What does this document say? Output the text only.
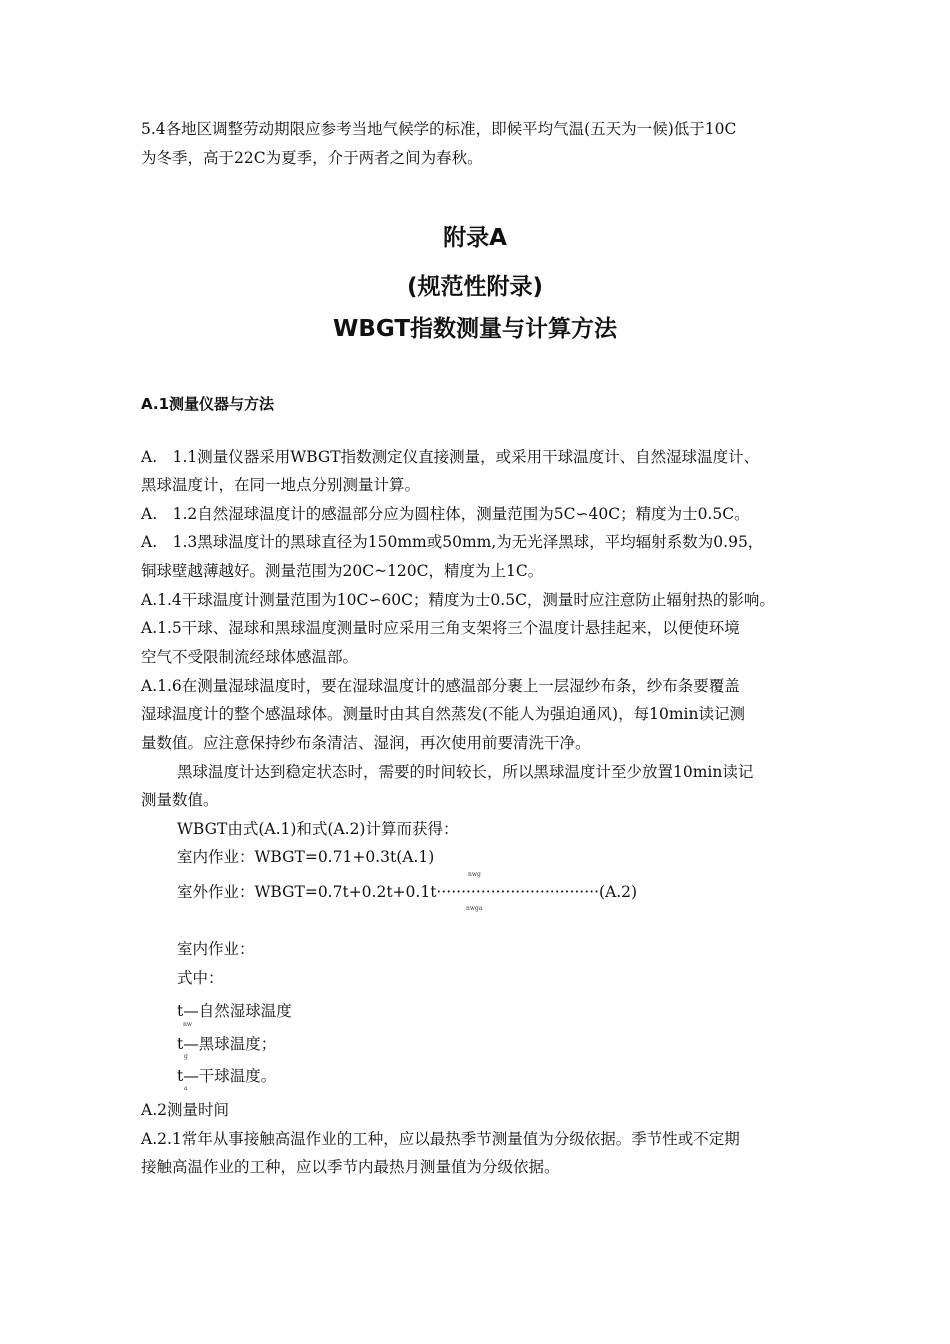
5.4各地区调整劳动期限应参考当地气候学的标准，即候平均气温(五天为一候)低于10C
为冬季，高于22C为夏季，介于两者之间为春秋。
附录A
(规范性附录)
WBGT指数测量与计算方法
A.1测量仪器与方法
A.　1.1测量仪器采用WBGT指数测定仪直接测量，或采用干球温度计、自然湿球温度计、
黑球温度计，在同一地点分别测量计算。
A.　1.2自然湿球温度计的感温部分应为圆柱体，测量范围为5C∽40C；精度为士0.5C。
A.　1.3黑球温度计的黑球直径为150mm或50mm,为无光泽黑球，平均辐射系数为0.95，
铜球壁越薄越好。测量范围为20C~120C，精度为上1C。
A.1.4干球温度计测量范围为10C∽60C；精度为士0.5C，测量时应注意防止辐射热的影响。
A.1.5干球、湿球和黑球温度测量时应采用三角支架将三个温度计悬挂起来，以便使环境
空气不受限制流经球体感温部。
A.1.6在测量湿球温度时，要在湿球温度计的感温部分裹上一层湿纱布条，纱布条要覆盖
湿球温度计的整个感温球体。测量时由其自然蒸发(不能人为强迫通风)，每10min读记测
量数值。应注意保持纱布条清洁、湿润，再次使用前要清洗干净。
黑球温度计达到稳定状态时，需要的时间较长，所以黑球温度计至少放置10min读记
测量数值。
WBGT由式(A.1)和式(A.2)计算而获得：
室内作业：WBGT=0.71+0.3t(A.1)
nwg
室外作业：WBGT=0.7t+0.2t+0.1t·································(A.2)
nwga
室内作业：
式中：
t—自然湿球温度
nw
t—黑球温度；
g
t—干球温度。
a
A.2测量时间
A.2.1常年从事接触高温作业的工种，应以最热季节测量值为分级依据。季节性或不定期
接触高温作业的工种，应以季节内最热月测量值为分级依据。
